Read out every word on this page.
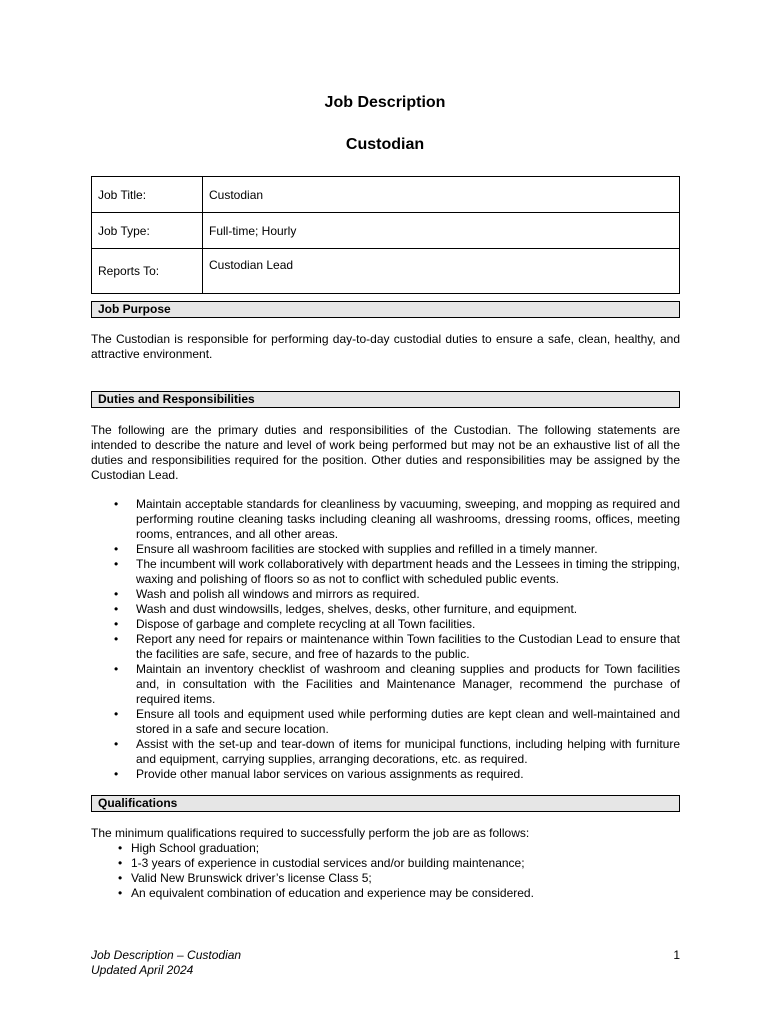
Job Description
Custodian
Job Title:	Custodian
Job Type:	Full-time; Hourly
Reports To:	Custodian Lead
Job Purpose

The Custodian is responsible for performing day-to-day custodial duties to ensure a safe, clean, healthy, and attractive environment.

Duties and Responsibilities

The following are the primary duties and responsibilities of the Custodian. The following statements are intended to describe the nature and level of work being performed but may not be an exhaustive list of all the duties and responsibilities required for the position. Other duties and responsibilities may be assigned by the Custodian Lead.

• Maintain acceptable standards for cleanliness by vacuuming, sweeping, and mopping as required and performing routine cleaning tasks including cleaning all washrooms, dressing rooms, offices, meeting rooms, entrances, and all other areas.
• Ensure all washroom facilities are stocked with supplies and refilled in a timely manner.
• The incumbent will work collaboratively with department heads and the Lessees in timing the stripping, waxing and polishing of floors so as not to conflict with scheduled public events.
• Wash and polish all windows and mirrors as required.
• Wash and dust windowsills, ledges, shelves, desks, other furniture, and equipment.
• Dispose of garbage and complete recycling at all Town facilities.
• Report any need for repairs or maintenance within Town facilities to the Custodian Lead to ensure that the facilities are safe, secure, and free of hazards to the public.
• Maintain an inventory checklist of washroom and cleaning supplies and products for Town facilities and, in consultation with the Facilities and Maintenance Manager, recommend the purchase of required items.
• Ensure all tools and equipment used while performing duties are kept clean and well-maintained and stored in a safe and secure location.
• Assist with the set-up and tear-down of items for municipal functions, including helping with furniture and equipment, carrying supplies, arranging decorations, etc. as required.
• Provide other manual labor services on various assignments as required.
Qualifications

The minimum qualifications required to successfully perform the job are as follows:

• High School graduation;
• 1-3 years of experience in custodial services and/or building maintenance;
• Valid New Brunswick driver’s license Class 5;
• An equivalent combination of education and experience may be considered.
Job Description – Custodian
Updated April 2024
1
